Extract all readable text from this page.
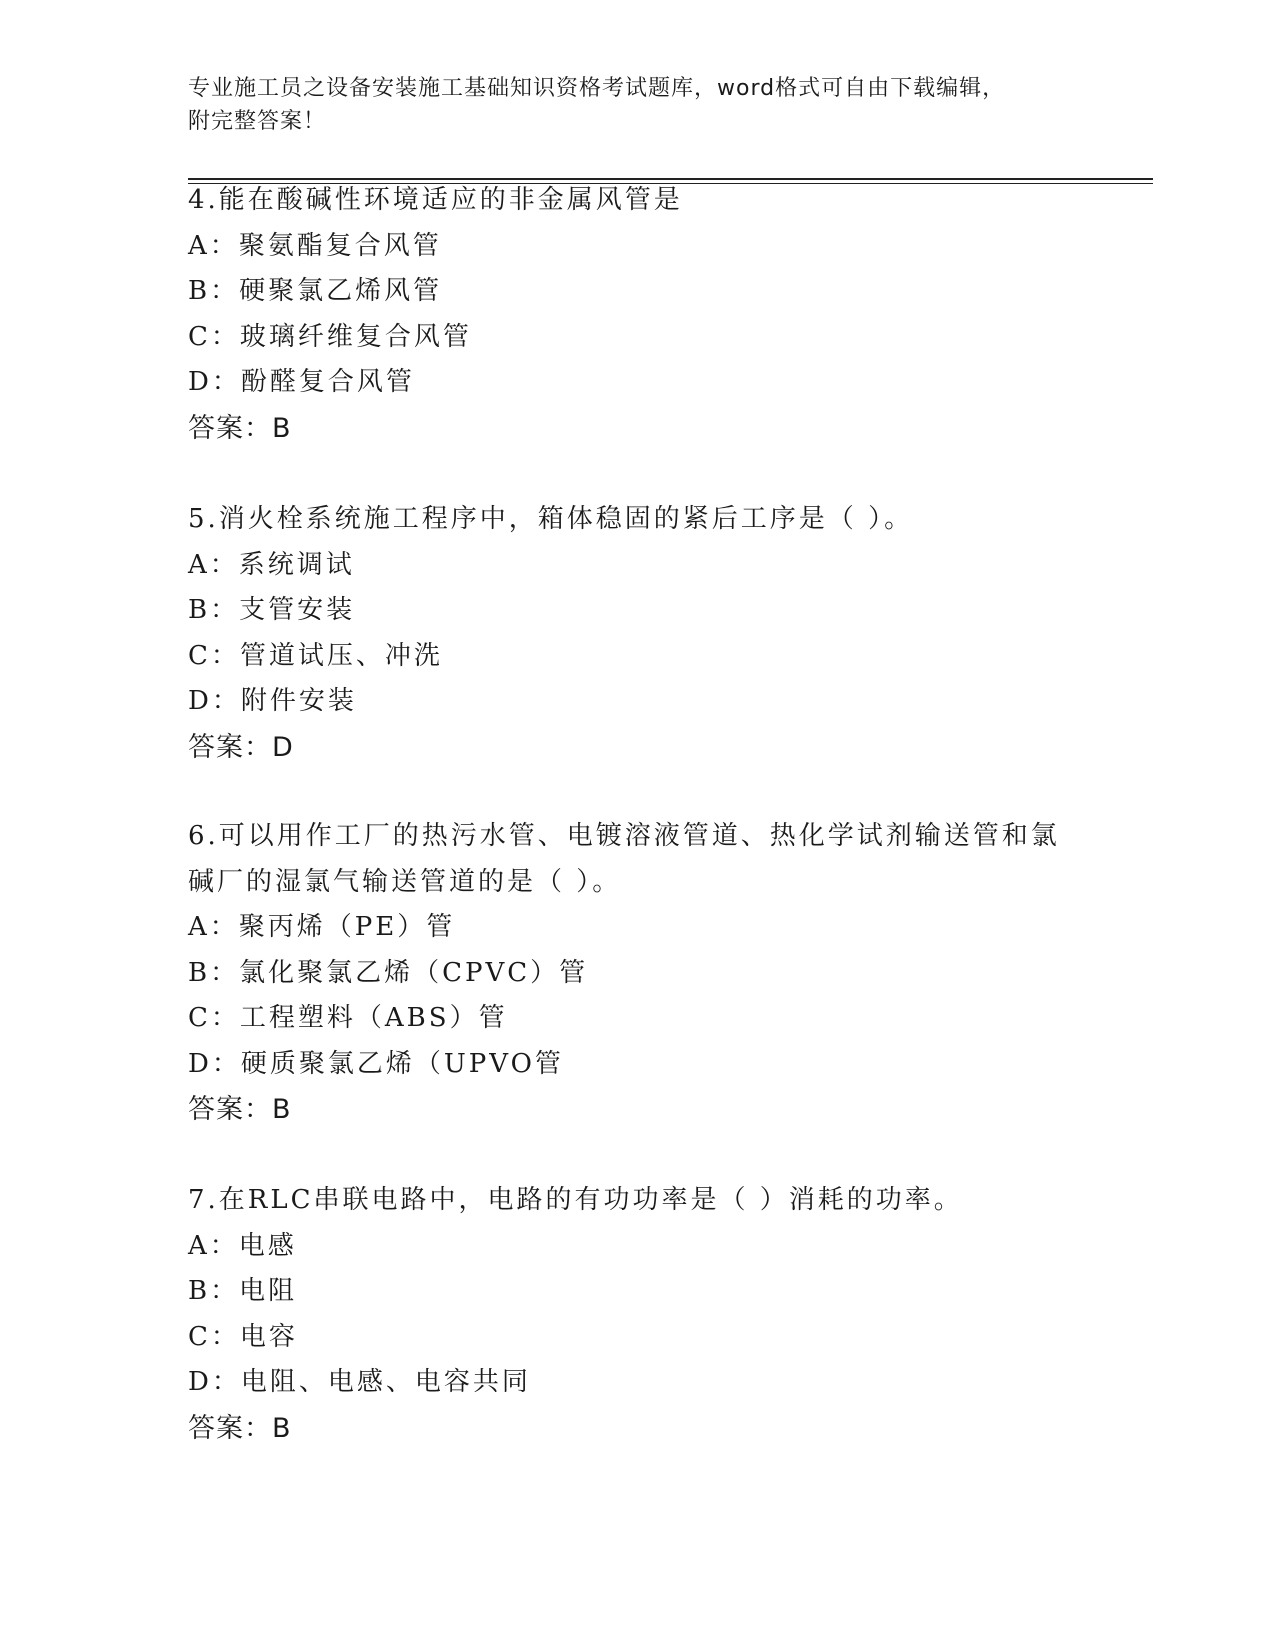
专业施工员之设备安装施工基础知识资格考试题库，word格式可自由下载编辑，
附完整答案！
4.能在酸碱性环境适应的非金属风管是
A：聚氨酯复合风管
B：硬聚氯乙烯风管
C：玻璃纤维复合风管
D：酚醛复合风管
答案：B
5.消火栓系统施工程序中，箱体稳固的紧后工序是（ ）。
A：系统调试
B：支管安装
C：管道试压、冲洗
D：附件安装
答案：D
6.可以用作工厂的热污水管、电镀溶液管道、热化学试剂输送管和氯
碱厂的湿氯气输送管道的是（ ）。
A：聚丙烯（PE）管
B：氯化聚氯乙烯（CPVC）管
C：工程塑料（ABS）管
D：硬质聚氯乙烯（UPVO管
答案：B
7.在RLC串联电路中，电路的有功功率是（ ）消耗的功率。
A：电感
B：电阻
C：电容
D：电阻、电感、电容共同
答案：B
